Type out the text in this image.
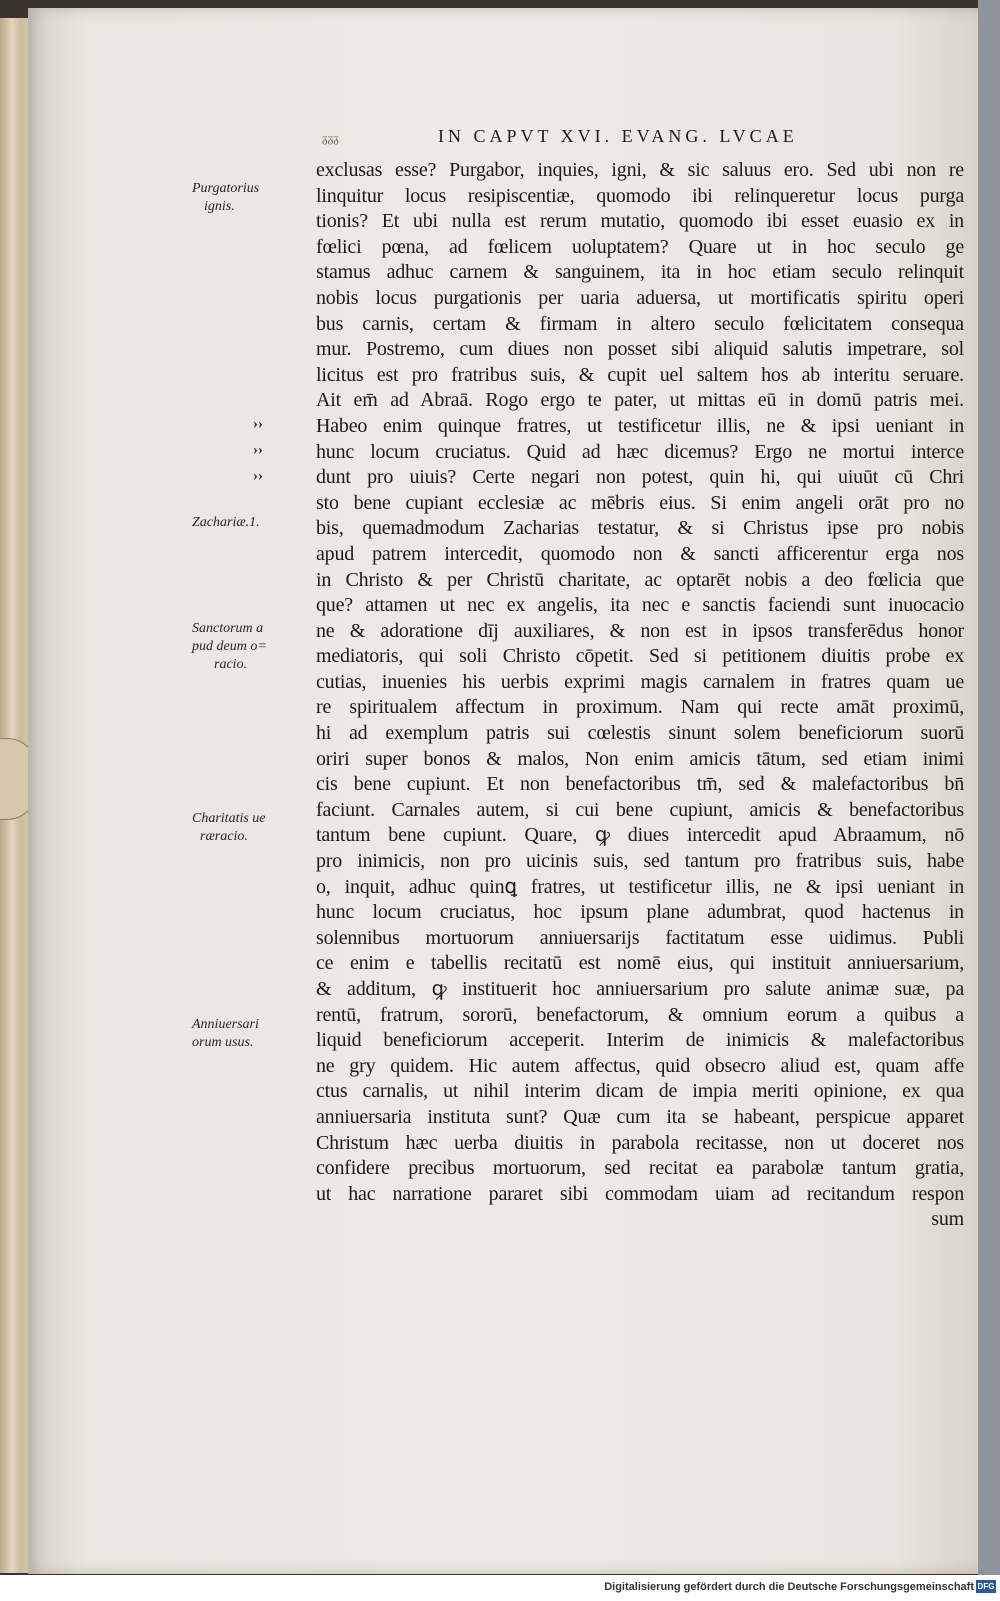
ᵹᵹᵹ	IN CAPVT XVI. EVANG. LVCAE
Purgatorius
ignis.
Zachariæ.1.
Sanctorum a
pud deum o=
racio.
Charitatis ue
ræracio.
Anniuersari
orum usus.
››
››
››
exclusas esse? Purgabor, inquies, igni, & sic saluus ero. Sed ubi non re
linquitur locus resipiscentiæ, quomodo ibi relinqueretur locus purga
tionis? Et ubi nulla est rerum mutatio, quomodo ibi esset euasio ex in
fœlici pœna, ad fœlicem uoluptatem? Quare ut in hoc seculo ge
stamus adhuc carnem & sanguinem, ita in hoc etiam seculo relinquit
nobis locus purgationis per uaria aduersa, ut mortificatis spiritu operi
bus carnis, certam & firmam in altero seculo fœlicitatem consequa
mur. Postremo, cum diues non posset sibi aliquid salutis impetrare, sol
licitus est pro fratribus suis, & cupit uel saltem hos ab interitu seruare.
Ait em̄ ad Abraā. Rogo ergo te pater, ut mittas eū in domū patris mei.
Habeo enim quinque fratres, ut testificetur illis, ne & ipsi ueniant in
hunc locum cruciatus. Quid ad hæc dicemus? Ergo ne mortui interce
dunt pro uiuis? Certe negari non potest, quin hi, qui uiuūt cū Chri
sto bene cupiant ecclesiæ ac mēbris eius. Si enim angeli orāt pro no
bis, quemadmodum Zacharias testatur, & si Christus ipse pro nobis
apud patrem intercedit, quomodo non & sancti afficerentur erga nos
in Christo & per Christū charitate, ac optarēt nobis a deo fœlicia que
que? attamen ut nec ex angelis, ita nec e sanctis faciendi sunt inuocacio
ne & adoratione dīj auxiliares, & non est in ipsos transferēdus honor
mediatoris, qui soli Christo cōpetit. Sed si petitionem diuitis probe ex
cutias, inuenies his uerbis exprimi magis carnalem in fratres quam ue
re spiritualem affectum in proximum. Nam qui recte amāt proximū,
hi ad exemplum patris sui cœlestis sinunt solem beneficiorum suorū
oriri super bonos & malos, Non enim amicis tātum, sed etiam inimi
cis bene cupiunt. Et non benefactoribus tm̄, sed & malefactoribus bn̄
faciunt. Carnales autem, si cui bene cupiunt, amicis & benefactoribus
tantum bene cupiunt. Quare, ꝙ diues intercedit apud Abraamum, nō
pro inimicis, non pro uicinis suis, sed tantum pro fratribus suis, habe
o, inquit, adhuc quinꝗ fratres, ut testificetur illis, ne & ipsi ueniant in
hunc locum cruciatus, hoc ipsum plane adumbrat, quod hactenus in
solennibus mortuorum anniuersarijs factitatum esse uidimus. Publi
ce enim e tabellis recitatū est nomē eius, qui instituit anniuersarium,
& additum, ꝙ instituerit hoc anniuersarium pro salute animæ suæ, pa
rentū, fratrum, sororū, benefactorum, & omnium eorum a quibus a
liquid beneficiorum acceperit. Interim de inimicis & malefactoribus
ne gry quidem. Hic autem affectus, quid obsecro aliud est, quam affe
ctus carnalis, ut nihil interim dicam de impia meriti opinione, ex qua
anniuersaria instituta sunt? Quæ cum ita se habeant, perspicue apparet
Christum hæc uerba diuitis in parabola recitasse, non ut doceret nos
confidere precibus mortuorum, sed recitat ea parabolæ tantum gratia,
ut hac narratione pararet sibi commodam uiam ad recitandum respon
sum
Digitalisierung gefördert durch die Deutsche Forschungsgemeinschaft DFG
